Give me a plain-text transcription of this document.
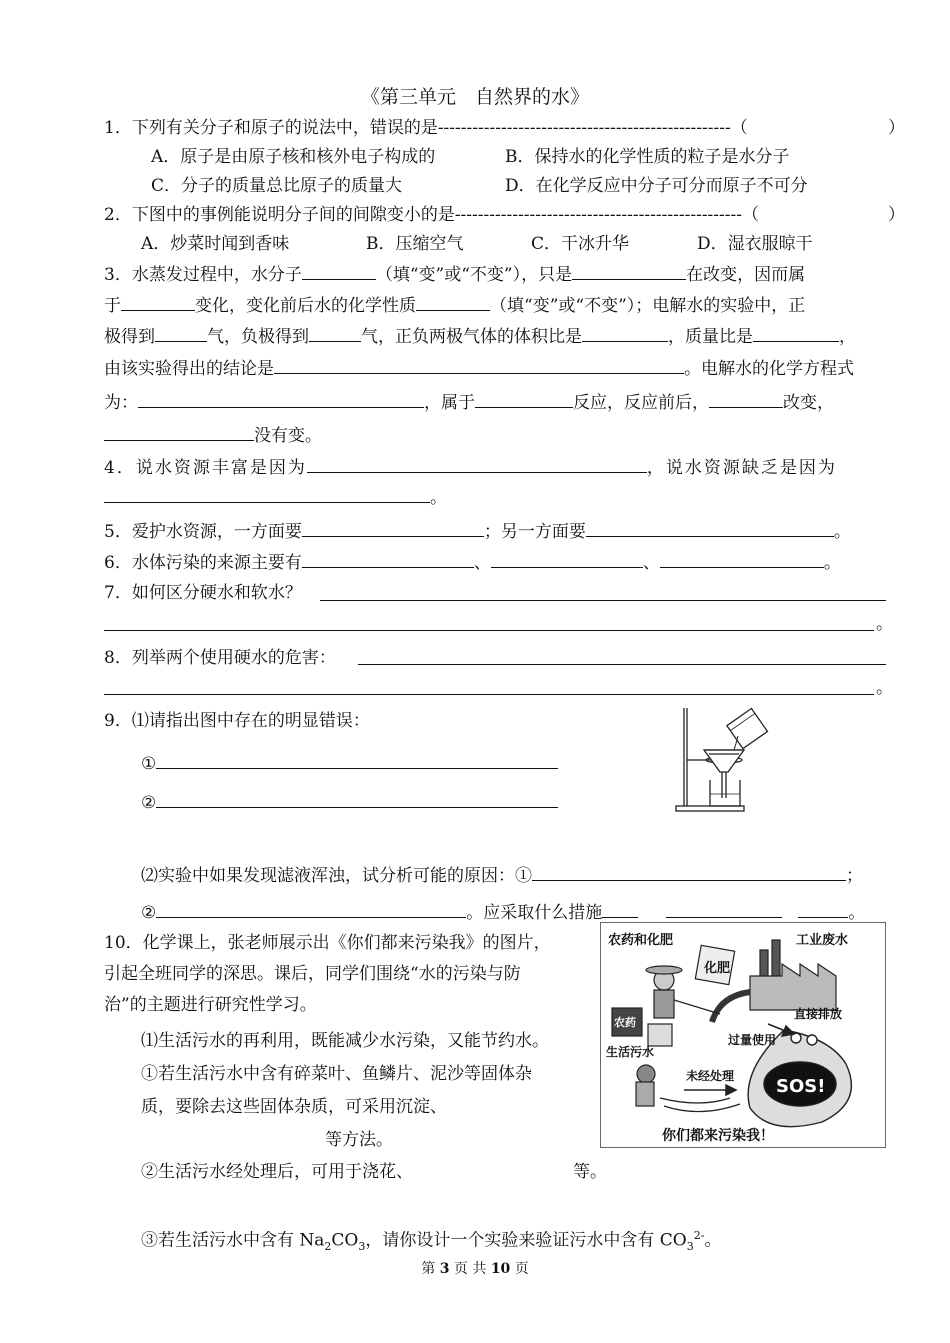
《第三单元　自然界的水》
1．下列有关分子和原子的说法中，错误的是---------------------------------------------------（	）
A．原子是由原子核和核外电子构成的	B．保持水的化学性质的粒子是水分子
C．分子的质量总比原子的质量大	D．在化学反应中分子可分而原子不可分
2．下图中的事例能说明分子间的间隙变小的是--------------------------------------------------（	）
A．炒菜时闻到香味	B．压缩空气	C．干冰升华	D．湿衣服晾干
3．水蒸发过程中，水分子	（填“变”或“不变”），只是	在改变，因而属
于	变化，变化前后水的化学性质	（填“变”或“不变”）；电解水的实验中，正
极得到	气，负极得到	气，正负两极气体的体积比是	，质量比是	，
由该实验得出的结论是	。电解水的化学方程式
为：	，属于	反应，反应前后，	改变，
没有变。
4．说水资源丰富是因为	，说水资源缺乏是因为
。
5．爱护水资源，一方面要	；另一方面要	。
6．水体污染的来源主要有	、	、	。
7．如何区分硬水和软水？
。
8．列举两个使用硬水的危害：
。
9．⑴请指出图中存在的明显错误：
①
②
⑵实验中如果发现滤液浑浊，试分析可能的原因：①	；
②	。应采取什么措施	。
10．化学课上，张老师展示出《你们都来污染我》的图片，
引起全班同学的深思。课后，同学们围绕“水的污染与防
治”的主题进行研究性学习。
⑴生活污水的再利用，既能减少水污染，又能节约水。
①若生活污水中含有碎菜叶、鱼鳞片、泥沙等固体杂
质，要除去这些固体杂质，可采用沉淀、
等方法。
②生活污水经处理后，可用于浇花、	等。
③若生活污水中含有 $Na_2CO_3$，请你设计一个实验来验证污水中含有 $CO_3^{2-}$。
农药和化肥	工业废水
化肥
农药
直接排放
过量使用
生活污水
未经处理 SOS!
你们都来污染我！
第 3 页 共 10 页
